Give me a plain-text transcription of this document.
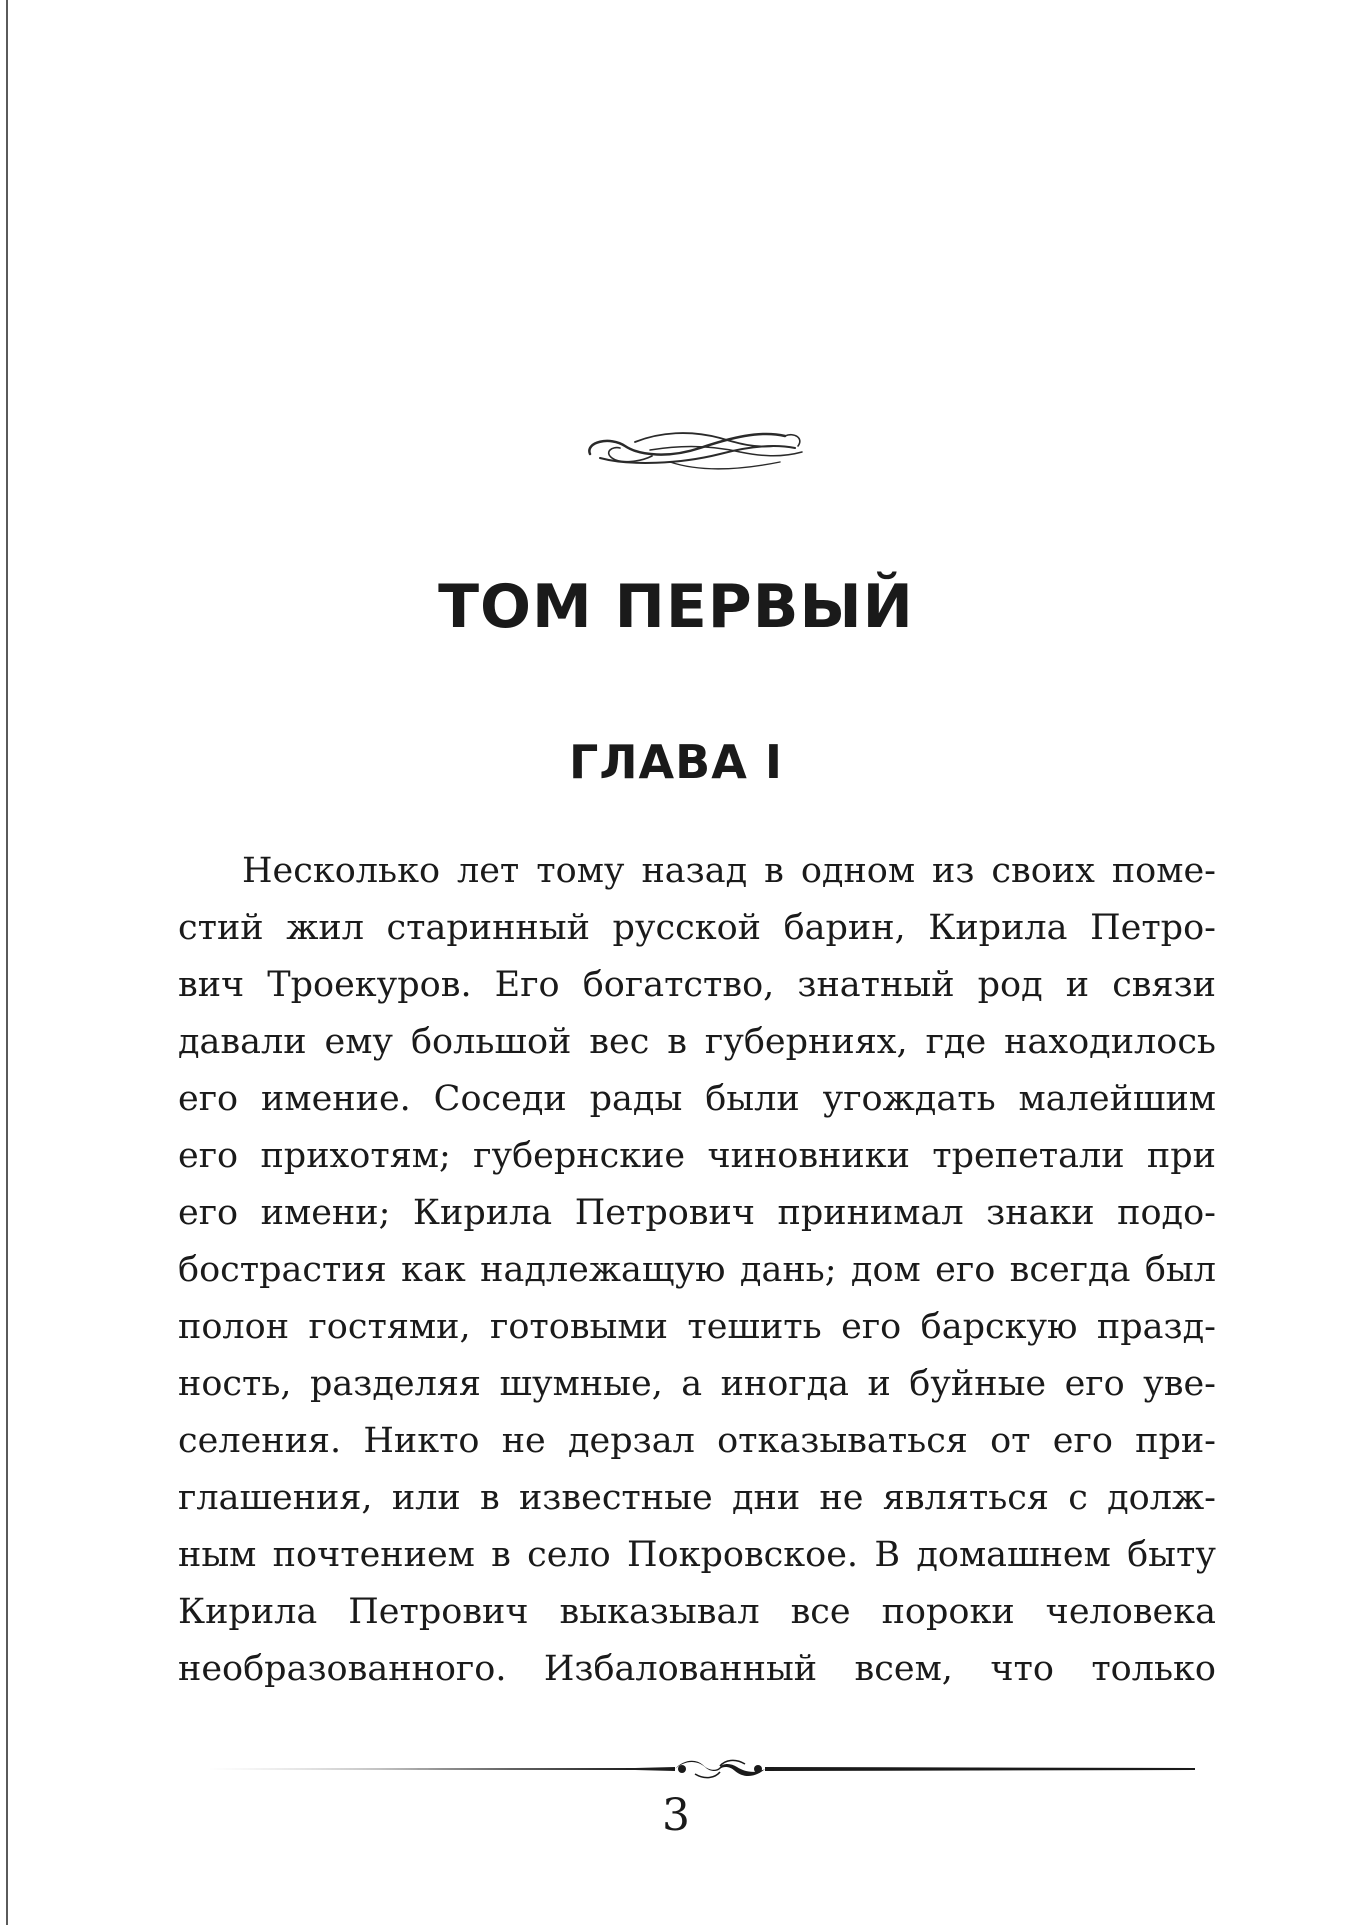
ТОМ ПЕРВЫЙ
ГЛАВА I
Несколько лет тому назад в одном из своих поме-
стий жил старинный русской барин, Кирила Петро-
вич Троекуров. Его богатство, знатный род и связи
давали ему большой вес в губерниях, где находилось
его имение. Соседи рады были угождать малейшим
его прихотям; губернские чиновники трепетали при
его имени; Кирила Петрович принимал знаки подо-
бострастия как надлежащую дань; дом его всегда был
полон гостями, готовыми тешить его барскую празд-
ность, разделяя шумные, а иногда и буйные его уве-
селения. Никто не дерзал отказываться от его при-
глашения, или в известные дни не являться с долж-
ным почтением в село Покровское. В домашнем быту
Кирила Петрович выказывал все пороки человека
необразованного. Избалованный всем, что только
3
